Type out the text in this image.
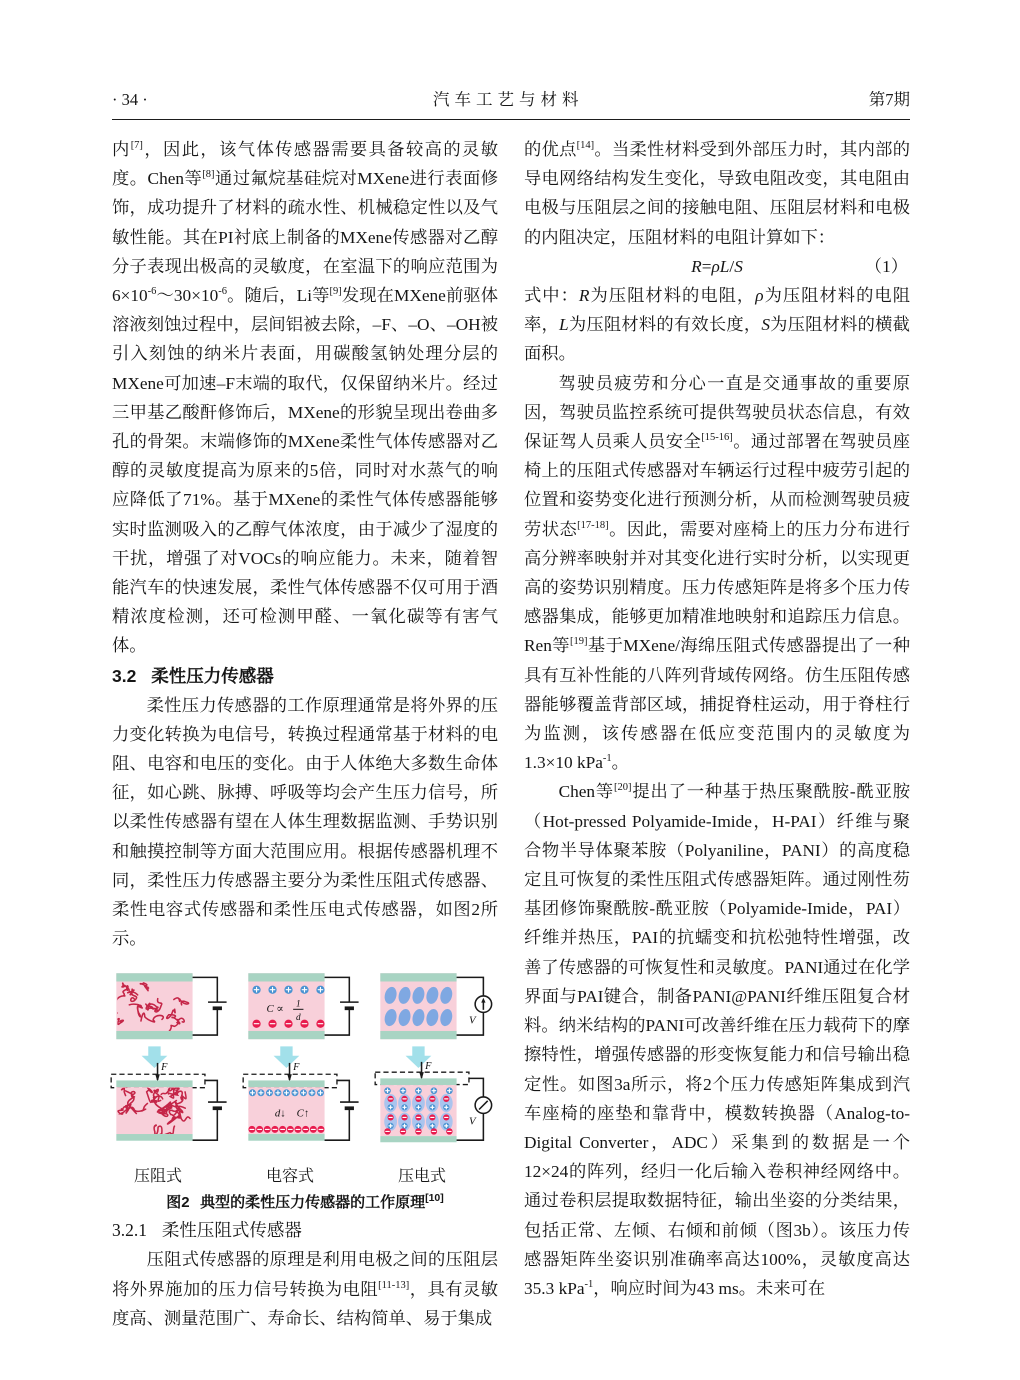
· 34 ·	汽车工艺与材料	第7期

内[7]，因此，该气体传感器需要具备较高的灵敏度。Chen等[8]通过氟烷基硅烷对MXene进行表面修饰，成功提升了材料的疏水性、机械稳定性以及气敏性能。其在PI衬底上制备的MXene传感器对乙醇分子表现出极高的灵敏度，在室温下的响应范围为$6\times 10^{-6}\sim 30\times 10^{-6}$。随后，Li等[9]发现在MXene前驱体溶液刻蚀过程中，层间铝被去除，–F、–O、–OH被引入刻蚀的纳米片表面，用碳酸氢钠处理分层的MXene可加速–F末端的取代，仅保留纳米片。经过三甲基乙酸酐修饰后，MXene的形貌呈现出卷曲多孔的骨架。末端修饰的MXene柔性气体传感器对乙醇的灵敏度提高为原来的5倍，同时对水蒸气的响应降低了71%。基于MXene的柔性气体传感器能够实时监测吸入的乙醇气体浓度，由于减少了湿度的干扰，增强了对VOCs的响应能力。未来，随着智能汽车的快速发展，柔性气体传感器不仅可用于酒精浓度检测，还可检测甲醛、一氧化碳等有害气体。

3.2 柔性压力传感器

柔性压力传感器的工作原理通常是将外界的压力变化转换为电信号，转换过程通常基于材料的电阻、电容和电压的变化。由于人体绝大多数生命体征，如心跳、脉搏、呼吸等均会产生压力信号，所以柔性传感器有望在人体生理数据监测、手势识别和触摸控制等方面大范围应用。根据传感器机理不同，柔性压力传感器主要分为柔性压阻式传感器、柔性电容式传感器和柔性压电式传感器，如图2所示。

F
压阻式
C ∝ 1
d
F
d↓ C↑
电容式
V
F
V
压电式
图2 典型的柔性压力传感器的工作原理[10]
3.2.1 柔性压阻式传感器

压阻式传感器的原理是利用电极之间的压阻层将外界施加的压力信号转换为电阻[11-13]，具有灵敏度高、测量范围广、寿命长、结构简单、易于集成

的优点[14]。当柔性材料受到外部压力时，其内部的导电网络结构发生变化，导致电阻改变，其电阻由电极与压阻层之间的接触电阻、压阻层材料和电极的内阻决定，压阻材料的电阻计算如下：

R=ρL/S	（1）

式中：R为压阻材料的电阻，ρ为压阻材料的电阻率，L为压阻材料的有效长度，S为压阻材料的横截面积。

驾驶员疲劳和分心一直是交通事故的重要原因，驾驶员监控系统可提供驾驶员状态信息，有效保证驾人员乘人员安全[15-16]。通过部署在驾驶员座椅上的压阻式传感器对车辆运行过程中疲劳引起的位置和姿势变化进行预测分析，从而检测驾驶员疲劳状态[17-18]。因此，需要对座椅上的压力分布进行高分辨率映射并对其变化进行实时分析，以实现更高的姿势识别精度。压力传感矩阵是将多个压力传感器集成，能够更加精准地映射和追踪压力信息。Ren等[19]基于MXene/海绵压阻式传感器提出了一种具有互补性能的八阵列背域传网络。仿生压阻传感器能够覆盖背部区域，捕捉脊柱运动，用于脊柱行为监测，该传感器在低应变范围内的灵敏度为1.3×10 kPa$^{-1}$。

Chen等[20]提出了一种基于热压聚酰胺-酰亚胺（Hot-pressed Polyamide-Imide，H-PAI）纤维与聚合物半导体聚苯胺（Polyaniline，PANI）的高度稳定且可恢复的柔性压阻式传感器矩阵。通过刚性芴基团修饰聚酰胺-酰亚胺（Polyamide-Imide，PAI）纤维并热压，PAI的抗蠕变和抗松弛特性增强，改善了传感器的可恢复性和灵敏度。PANI通过在化学界面与PAI键合，制备PANI@PANI纤维压阻复合材料。纳米结构的PANI可改善纤维在压力载荷下的摩擦特性，增强传感器的形变恢复能力和信号输出稳定性。如图3a所示，将2个压力传感矩阵集成到汽车座椅的座垫和靠背中，模数转换器（Analog-to-Digital Converter，ADC）采集到的数据是一个12×24的阵列，经归一化后输入卷积神经网络中。通过卷积层提取数据特征，输出坐姿的分类结果，包括正常、左倾、右倾和前倾（图3b）。该压力传感器矩阵坐姿识别准确率高达100%，灵敏度高达35.3 kPa$^{-1}$，响应时间为43 ms。未来可在
